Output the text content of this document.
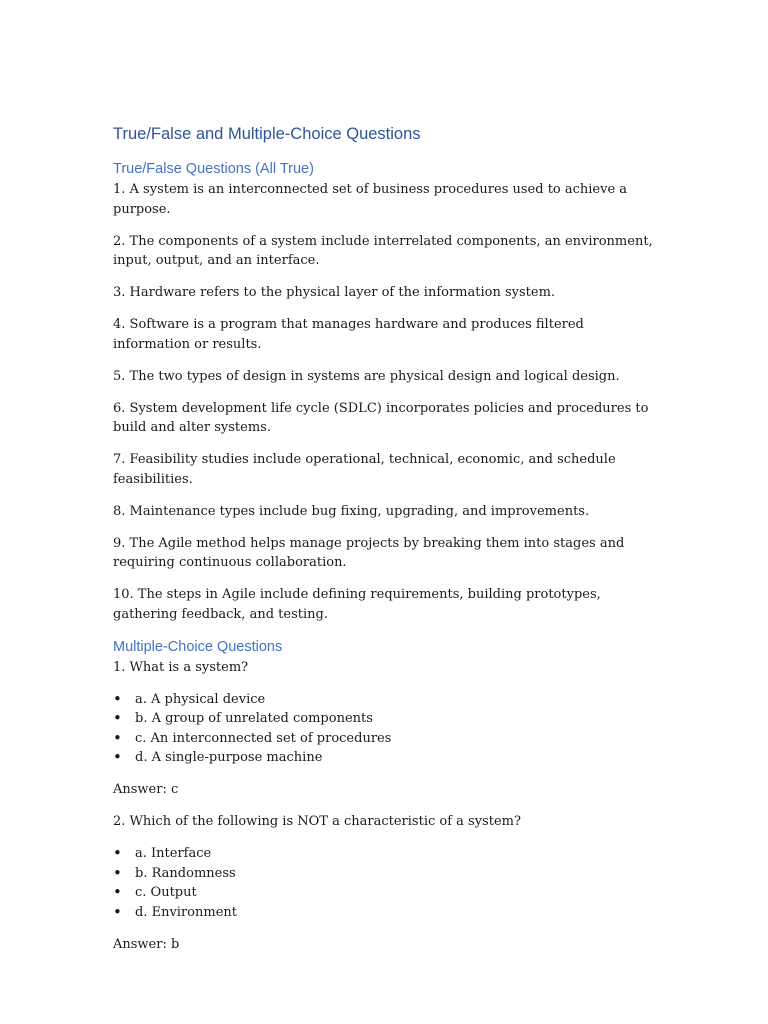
True/False and Multiple-Choice Questions
True/False Questions (All True)

1. A system is an interconnected set of business procedures used to achieve a purpose.

2. The components of a system include interrelated components, an environment, input, output, and an interface.

3. Hardware refers to the physical layer of the information system.

4. Software is a program that manages hardware and produces filtered information or results.

5. The two types of design in systems are physical design and logical design.

6. System development life cycle (SDLC) incorporates policies and procedures to build and alter systems.

7. Feasibility studies include operational, technical, economic, and schedule feasibilities.

8. Maintenance types include bug fixing, upgrading, and improvements.

9. The Agile method helps manage projects by breaking them into stages and requiring continuous collaboration.

10. The steps in Agile include defining requirements, building prototypes, gathering feedback, and testing.

Multiple-Choice Questions

1. What is a system?

• a. A physical device
• b. A group of unrelated components
• c. An interconnected set of procedures
• d. A single-purpose machine

Answer: c

2. Which of the following is NOT a characteristic of a system?

• a. Interface
• b. Randomness
• c. Output
• d. Environment

Answer: b
